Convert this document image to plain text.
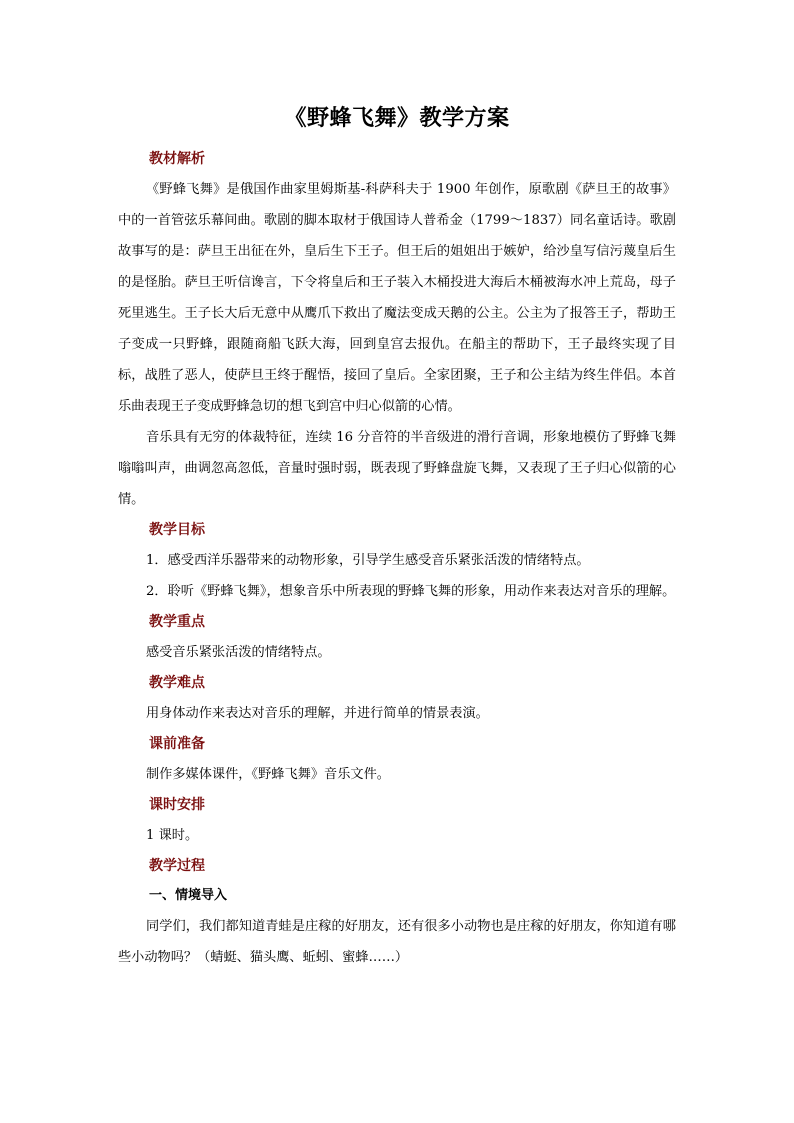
《野蜂飞舞》教学方案
教材解析

《野蜂飞舞》是俄国作曲家里姆斯基-科萨科夫于 1900 年创作，原歌剧《萨旦王的故事》中的一首管弦乐幕间曲。歌剧的脚本取材于俄国诗人普希金（1799～1837）同名童话诗。歌剧故事写的是：萨旦王出征在外，皇后生下王子。但王后的姐姐出于嫉妒，给沙皇写信污蔑皇后生的是怪胎。萨旦王听信谗言，下令将皇后和王子装入木桶投进大海后木桶被海水冲上荒岛，母子死里逃生。王子长大后无意中从鹰爪下救出了魔法变成天鹅的公主。公主为了报答王子，帮助王子变成一只野蜂，跟随商船飞跃大海，回到皇宫去报仇。在船主的帮助下，王子最终实现了目标，战胜了恶人，使萨旦王终于醒悟，接回了皇后。全家团聚，王子和公主结为终生伴侣。本首乐曲表现王子变成野蜂急切的想飞到宫中归心似箭的心情。

音乐具有无穷的体裁特征，连续 16 分音符的半音级进的滑行音调，形象地模仿了野蜂飞舞嗡嗡叫声，曲调忽高忽低，音量时强时弱，既表现了野蜂盘旋飞舞，又表现了王子归心似箭的心情。

教学目标

1．感受西洋乐器带来的动物形象，引导学生感受音乐紧张活泼的情绪特点。

2．聆听《野蜂飞舞》，想象音乐中所表现的野蜂飞舞的形象，用动作来表达对音乐的理解。

教学重点

感受音乐紧张活泼的情绪特点。

教学难点

用身体动作来表达对音乐的理解，并进行简单的情景表演。

课前准备

制作多媒体课件，《野蜂飞舞》音乐文件。

课时安排

1 课时。

教学过程
一、情境导入

同学们，我们都知道青蛙是庄稼的好朋友，还有很多小动物也是庄稼的好朋友，你知道有哪些小动物吗？（蜻蜓、猫头鹰、蚯蚓、蜜蜂……）
